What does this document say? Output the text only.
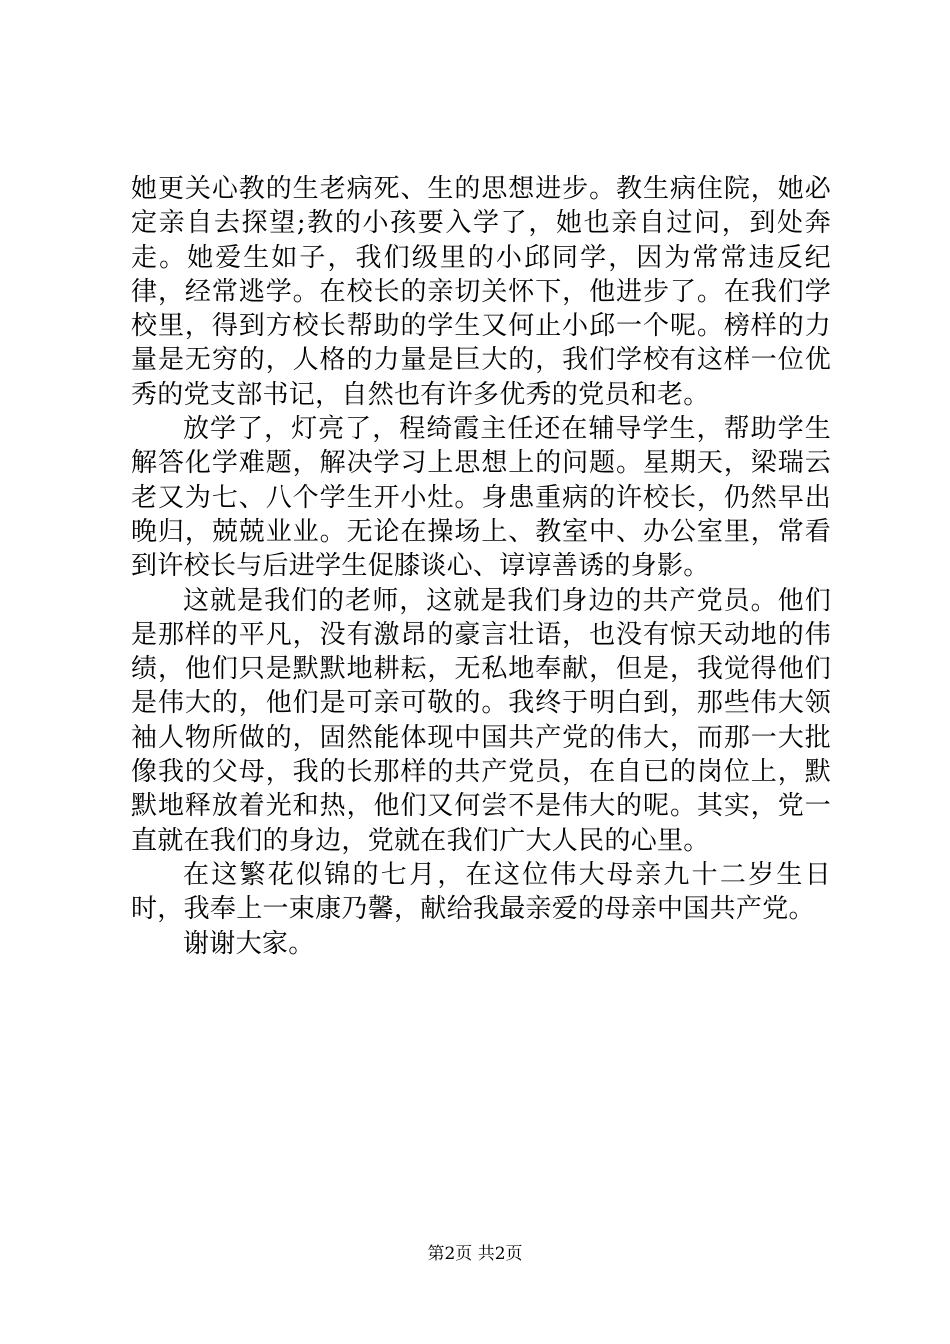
她更关心教的生老病死、生的思想进步。教生病住院，她必定亲自去探望;教的小孩要入学了，她也亲自过问，到处奔走。她爱生如子，我们级里的小邱同学，因为常常违反纪律，经常逃学。在校长的亲切关怀下，他进步了。在我们学校里，得到方校长帮助的学生又何止小邱一个呢。榜样的力量是无穷的，人格的力量是巨大的，我们学校有这样一位优秀的党支部书记，自然也有许多优秀的党员和老。

放学了，灯亮了，程绮霞主任还在辅导学生，帮助学生解答化学难题，解决学习上思想上的问题。星期天，梁瑞云老又为七、八个学生开小灶。身患重病的许校长，仍然早出晚归，兢兢业业。无论在操场上、教室中、办公室里，常看到许校长与后进学生促膝谈心、谆谆善诱的身影。

这就是我们的老师，这就是我们身边的共产党员。他们是那样的平凡，没有激昂的豪言壮语，也没有惊天动地的伟绩，他们只是默默地耕耘，无私地奉献，但是，我觉得他们是伟大的，他们是可亲可敬的。我终于明白到，那些伟大领袖人物所做的，固然能体现中国共产党的伟大，而那一大批像我的父母，我的长那样的共产党员，在自已的岗位上，默默地释放着光和热，他们又何尝不是伟大的呢。其实，党一直就在我们的身边，党就在我们广大人民的心里。

在这繁花似锦的七月，在这位伟大母亲九十二岁生日时，我奉上一束康乃馨，献给我最亲爱的母亲中国共产党。

谢谢大家。

第2页 共2页
